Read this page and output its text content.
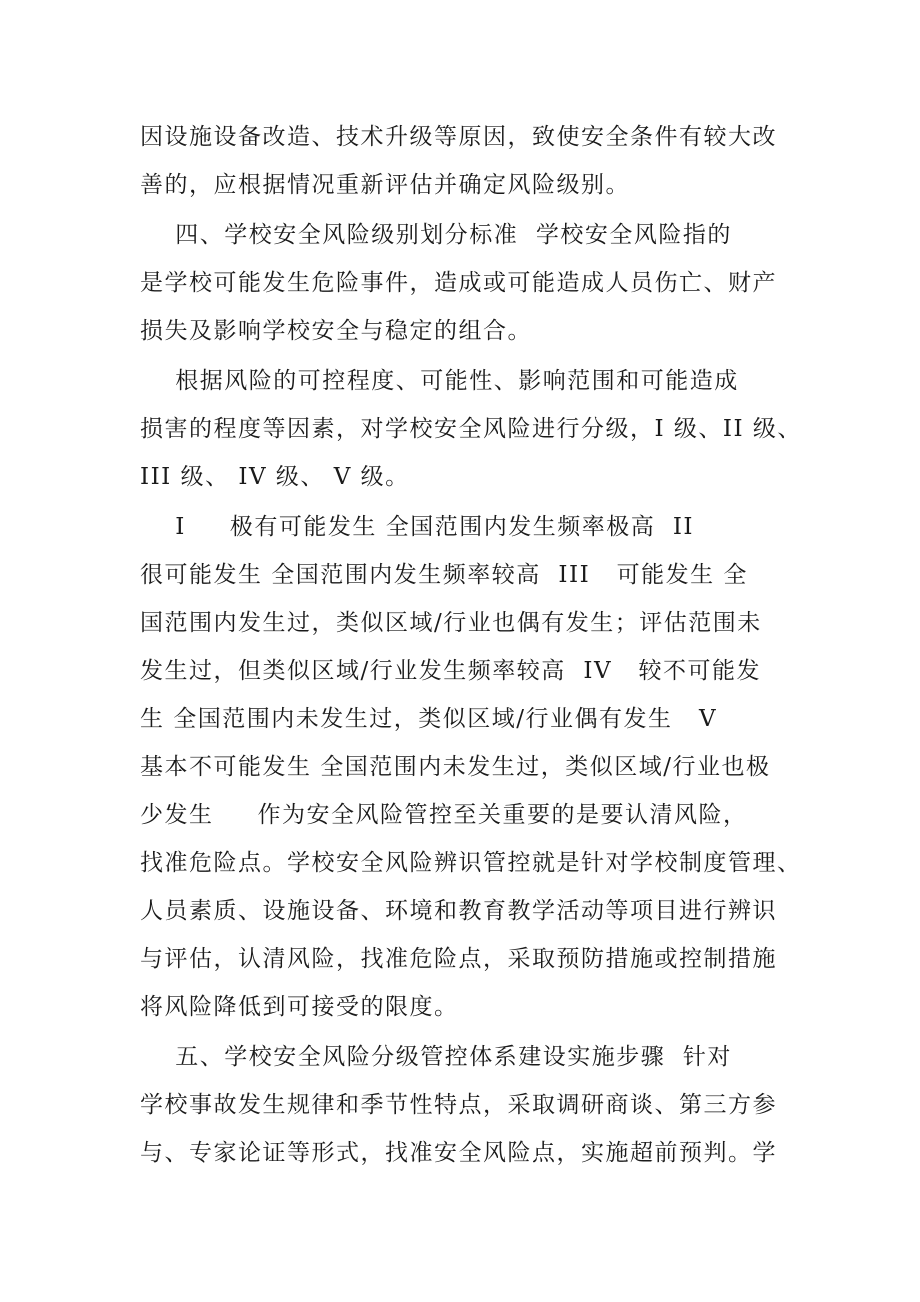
因设施设备改造、技术升级等原因，致使安全条件有较大改
善的，应根据情况重新评估并确定风险级别。
四、学校安全风险级别划分标准  学校安全风险指的
是学校可能发生危险事件，造成或可能造成人员伤亡、财产
损失及影响学校安全与稳定的组合。
根据风险的可控程度、可能性、影响范围和可能造成
损害的程度等因素，对学校安全风险进行分级，I 级、II 级、
III 级、 IV 级、 V 级。
I     极有可能发生 全国范围内发生频率极高  II
很可能发生 全国范围内发生频率较高  III   可能发生 全
国范围内发生过，类似区域/行业也偶有发生；评估范围未
发生过，但类似区域/行业发生频率较高  IV   较不可能发
生 全国范围内未发生过，类似区域/行业偶有发生   V
基本不可能发生 全国范围内未发生过，类似区域/行业也极
少发生     作为安全风险管控至关重要的是要认清风险，
找准危险点。学校安全风险辨识管控就是针对学校制度管理、
人员素质、设施设备、环境和教育教学活动等项目进行辨识
与评估，认清风险，找准危险点，采取预防措施或控制措施
将风险降低到可接受的限度。
五、学校安全风险分级管控体系建设实施步骤  针对
学校事故发生规律和季节性特点，采取调研商谈、第三方参
与、专家论证等形式，找准安全风险点，实施超前预判。学
